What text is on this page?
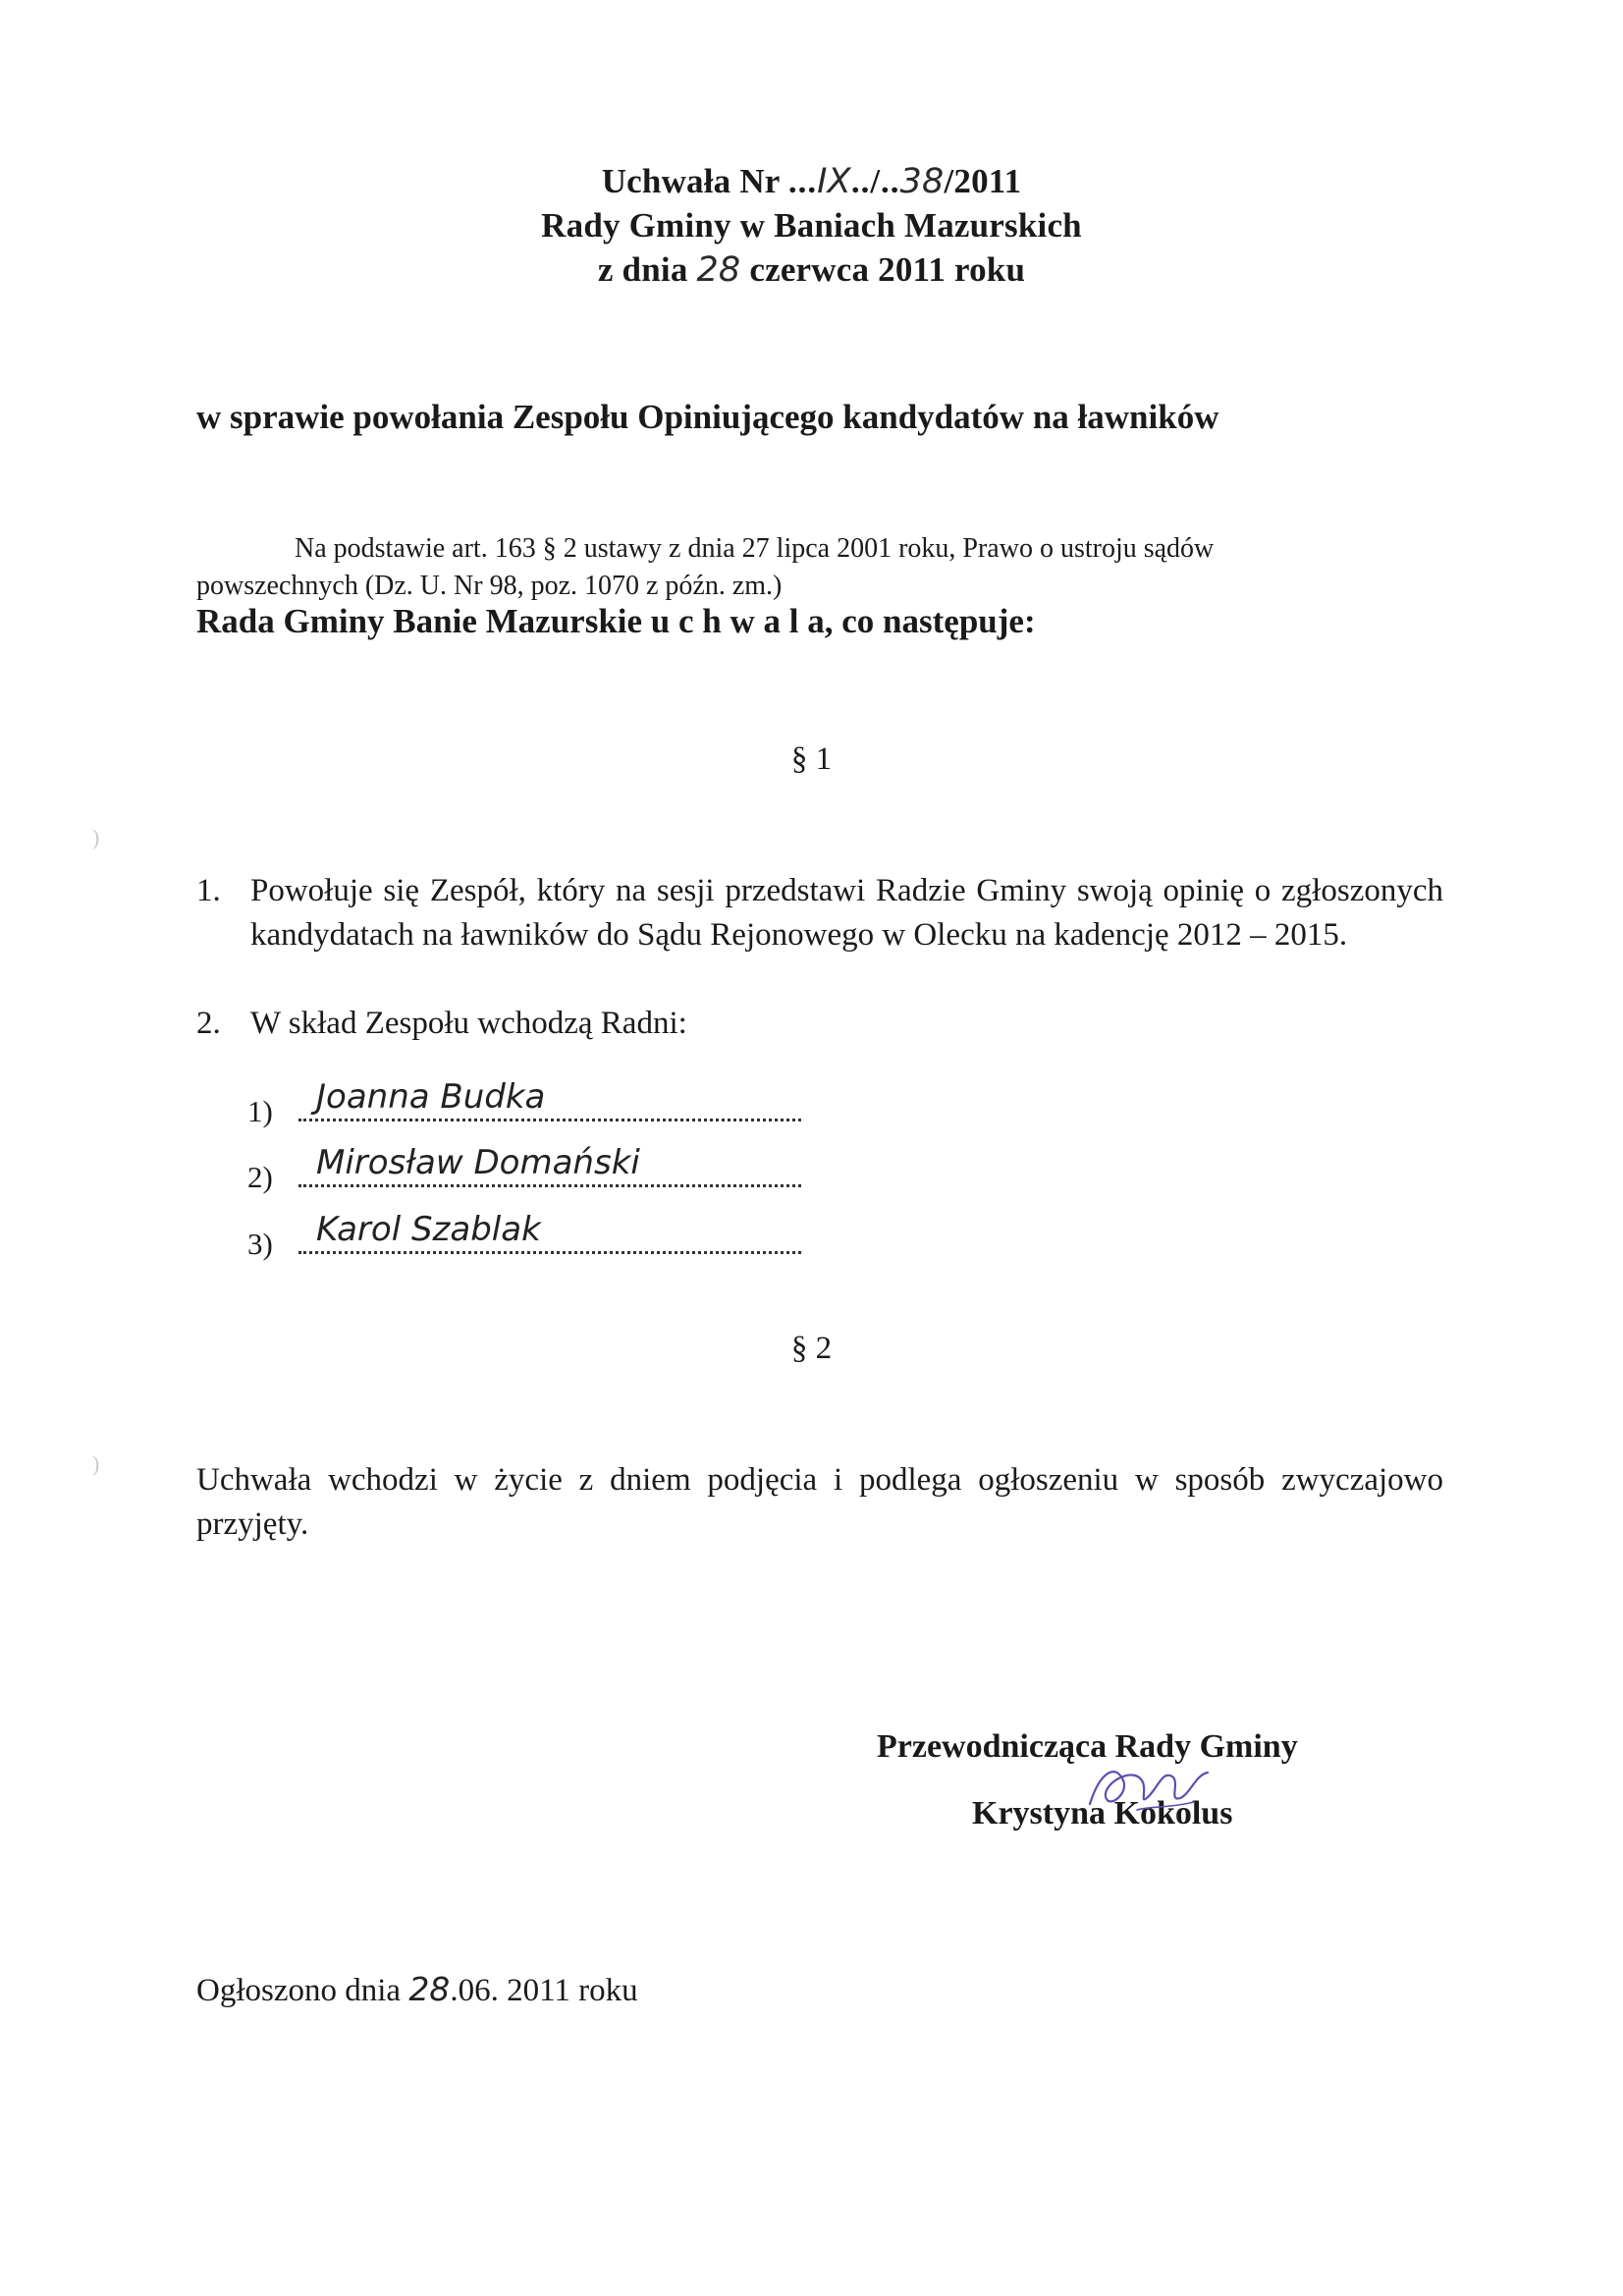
Uchwała Nr ...IX../..38/2011
Rady Gminy w Baniach Mazurskich
z dnia 28 czerwca 2011 roku
w sprawie powołania Zespołu Opiniującego kandydatów na ławników
Na podstawie art. 163 § 2 ustawy z dnia 27 lipca 2001 roku, Prawo o ustroju sądów
powszechnych (Dz. U. Nr 98, poz. 1070 z późn. zm.)
Rada Gminy Banie Mazurskie u c h w a l a, co następuje:
§ 1
1. Powołuje się Zespół, który na sesji przedstawi Radzie Gminy swoją opinię o zgłoszonych kandydatach na ławników do Sądu Rejonowego w Olecku na kadencję 2012 – 2015.
2. W skład Zespołu wchodzą Radni:
1) Joanna Budka
2) Mirosław Domański
3) Karol Szablak
§ 2
Uchwała wchodzi w życie z dniem podjęcia i podlega ogłoszeniu w sposób zwyczajowo przyjęty.
Przewodnicząca Rady Gminy
Krystyna Kokolus
Ogłoszono dnia 28.06. 2011 roku
)
)
